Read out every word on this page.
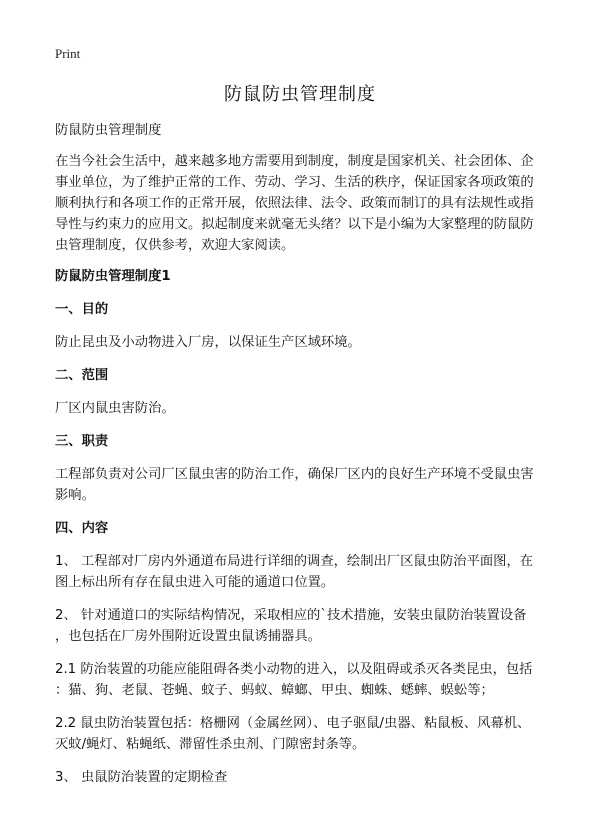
Print
防鼠防虫管理制度

防鼠防虫管理制度

在当今社会生活中，越来越多地方需要用到制度，制度是国家机关、社会团体、企
事业单位，为了维护正常的工作、劳动、学习、生活的秩序，保证国家各项政策的
顺利执行和各项工作的正常开展，依照法律、法令、政策而制订的具有法规性或指
导性与约束力的应用文。拟起制度来就毫无头绪？以下是小编为大家整理的防鼠防
虫管理制度，仅供参考，欢迎大家阅读。

防鼠防虫管理制度1

一、目的

防止昆虫及小动物进入厂房，以保证生产区域环境。

二、范围

厂区内鼠虫害防治。

三、职责

工程部负责对公司厂区鼠虫害的防治工作，确保厂区内的良好生产环境不受鼠虫害
影响。

四、内容

1、 工程部对厂房内外通道布局进行详细的调查，绘制出厂区鼠虫防治平面图，在
图上标出所有存在鼠虫进入可能的通道口位置。

2、 针对通道口的实际结构情况，采取相应的`技术措施，安装虫鼠防治装置设备
，也包括在厂房外围附近设置虫鼠诱捕器具。

2.1 防治装置的功能应能阻碍各类小动物的进入，以及阻碍或杀灭各类昆虫，包括
：猫、狗、老鼠、苍蝇、蚊子、蚂蚁、蟑螂、甲虫、蜘蛛、蟋蟀、蜈蚣等；

2.2 鼠虫防治装置包括：格栅网（金属丝网）、电子驱鼠/虫器、粘鼠板、风幕机、
灭蚊/蝇灯、粘蝇纸、滞留性杀虫剂、门隙密封条等。

3、 虫鼠防治装置的定期检查
